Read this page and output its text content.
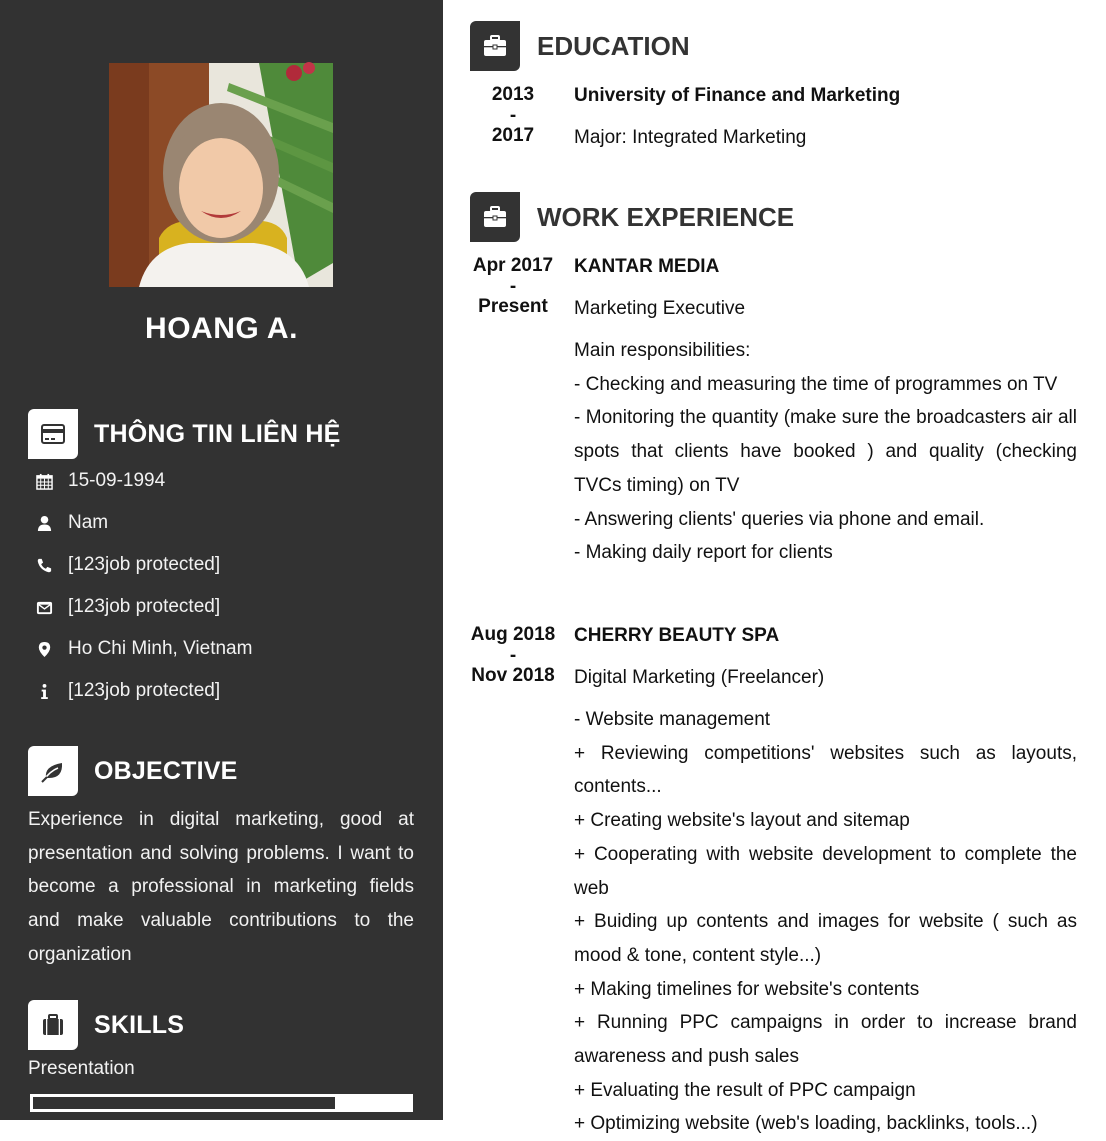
HOANG A.
THÔNG TIN LIÊN HỆ
15-09-1994
Nam
[123job protected]
[123job protected]
Ho Chi Minh, Vietnam
[123job protected]
OBJECTIVE
Experience in digital marketing, good at presentation and solving problems. I want to become a professional in marketing fields and make valuable contributions to the organization
SKILLS
Presentation
EDUCATION
2013
-
2017
University of Finance and Marketing
Major: Integrated Marketing
WORK EXPERIENCE
Apr 2017
-
Present
KANTAR MEDIA
Marketing Executive
Main responsibilities:
- Checking and measuring the time of programmes on TV
- Monitoring the quantity (make sure the broadcasters air all spots that clients have booked ) and quality (checking TVCs timing) on TV
- Answering clients' queries via phone and email.
- Making daily report for clients
Aug 2018
-
Nov 2018
CHERRY BEAUTY SPA
Digital Marketing (Freelancer)
- Website management
+ Reviewing competitions' websites such as layouts, contents...
+ Creating website's layout and sitemap
+ Cooperating with website development to complete the web
+ Buiding up contents and images for website ( such as mood & tone, content style...)
+ Making timelines for website's contents
+ Running PPC campaigns in order to increase brand awareness and push sales
+ Evaluating the result of PPC campaign
+ Optimizing website (web's loading, backlinks, tools...)
